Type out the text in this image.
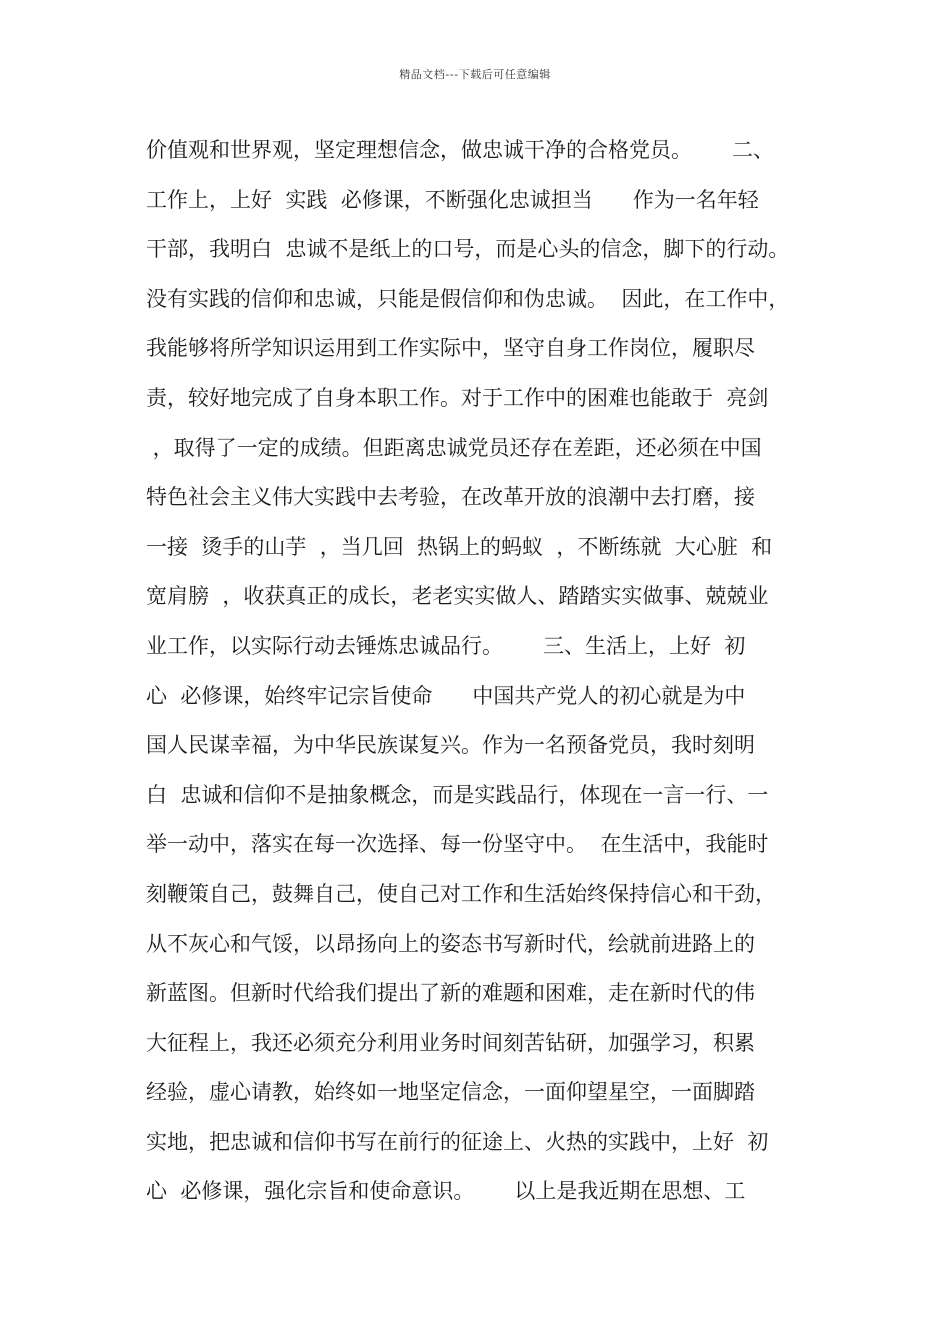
精品文档---下载后可任意编辑
价值观和世界观，坚定理想信念，做忠诚干净的合格党员。      二、
工作上，上好  实践  必修课，不断强化忠诚担当      作为一名年轻
干部，我明白  忠诚不是纸上的口号，而是心头的信念，脚下的行动。
没有实践的信仰和忠诚，只能是假信仰和伪忠诚。  因此，在工作中，
我能够将所学知识运用到工作实际中，坚守自身工作岗位，履职尽
责，较好地完成了自身本职工作。对于工作中的困难也能敢于  亮剑
，取得了一定的成绩。但距离忠诚党员还存在差距，还必须在中国
特色社会主义伟大实践中去考验，在改革开放的浪潮中去打磨，接
一接  烫手的山芋  ，当几回  热锅上的蚂蚁  ，不断练就  大心脏  和
宽肩膀  ，收获真正的成长，老老实实做人、踏踏实实做事、兢兢业
业工作，以实际行动去锤炼忠诚品行。      三、生活上，上好  初
心  必修课，始终牢记宗旨使命      中国共产党人的初心就是为中
国人民谋幸福，为中华民族谋复兴。作为一名预备党员，我时刻明
白  忠诚和信仰不是抽象概念，而是实践品行，体现在一言一行、一
举一动中，落实在每一次选择、每一份坚守中。  在生活中，我能时
刻鞭策自己，鼓舞自己，使自己对工作和生活始终保持信心和干劲，
从不灰心和气馁，以昂扬向上的姿态书写新时代，绘就前进路上的
新蓝图。但新时代给我们提出了新的难题和困难，走在新时代的伟
大征程上，我还必须充分利用业务时间刻苦钻研，加强学习，积累
经验，虚心请教，始终如一地坚定信念，一面仰望星空，一面脚踏
实地，把忠诚和信仰书写在前行的征途上、火热的实践中，上好  初
心  必修课，强化宗旨和使命意识。      以上是我近期在思想、工
